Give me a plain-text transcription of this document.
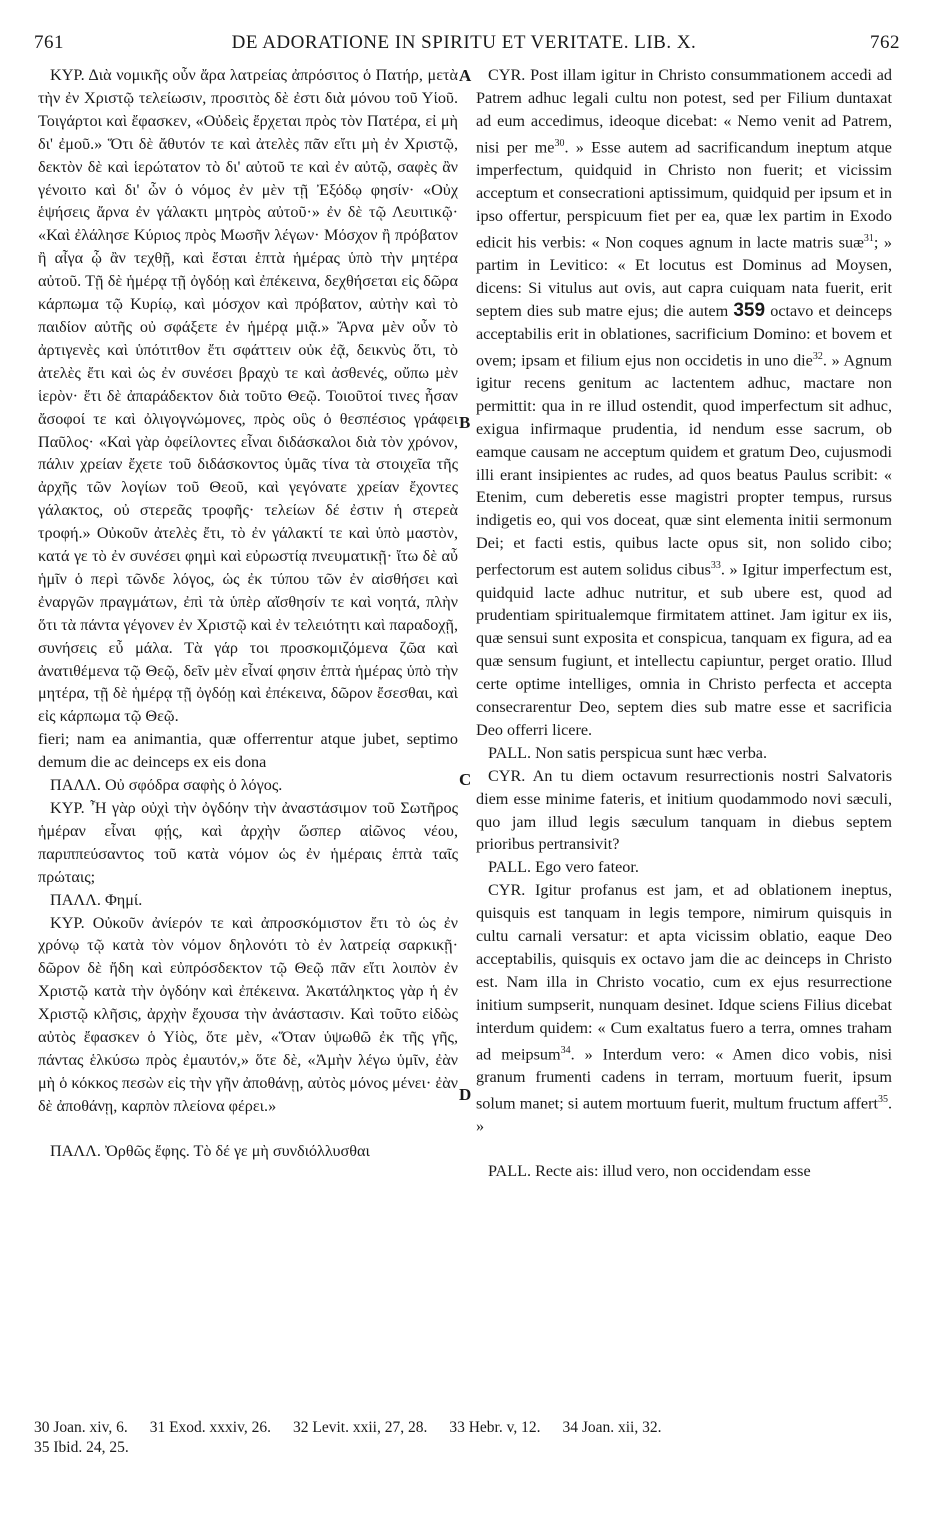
761	DE ADORATIONE IN SPIRITU ET VERITATE. LIB. X.	762
A
B
C
D

ΚΥΡ. Διὰ νομικῆς οὖν ἄρα λατρείας ἀπρόσιτος ὁ Πατήρ, μετὰ τὴν ἐν Χριστῷ τελείωσιν, προσιτὸς δὲ ἐστι διὰ μόνου τοῦ Υἱοῦ. Τοιγάρτοι καὶ ἔφασκεν, «Οὐδεὶς ἔρχεται πρὸς τὸν Πατέρα, εἰ μὴ δι' ἐμοῦ.» Ὅτι δὲ ἄθυτόν τε καὶ ἀτελὲς πᾶν εἴτι μὴ ἐν Χριστῷ, δεκτὸν δὲ καὶ ἱερώτατον τὸ δι' αὐτοῦ τε καὶ ἐν αὐτῷ, σαφὲς ἂν γένοιτο καὶ δι' ὧν ὁ νόμος ἐν μὲν τῇ Ἐξόδῳ φησίν· «Οὐχ ἑψήσεις ἄρνα ἐν γάλακτι μητρὸς αὐτοῦ·» ἐν δὲ τῷ Λευιτικῷ· «Καὶ ἐλάλησε Κύριος πρὸς Μωσῆν λέγων· Μόσχον ἢ πρόβατον ἢ αἶγα ᾧ ἂν τεχθῇ, καὶ ἔσται ἑπτὰ ἡμέρας ὑπὸ τὴν μητέρα αὐτοῦ. Τῇ δὲ ἡμέρᾳ τῇ ὀγδόῃ καὶ ἐπέκεινα, δεχθήσεται εἰς δῶρα κάρπωμα τῷ Κυρίῳ, καὶ μόσχον καὶ πρόβατον, αὐτὴν καὶ τὸ παιδίον αὐτῆς οὐ σφάξετε ἐν ἡμέρᾳ μιᾷ.» Ἄρνα μὲν οὖν τὸ ἀρτιγενὲς καὶ ὑπότιτθον ἔτι σφάττειν οὐκ ἐᾷ, δεικνὺς ὅτι, τὸ ἀτελὲς ἔτι καὶ ὡς ἐν συνέσει βραχὺ τε καὶ ἀσθενές, οὔπω μὲν ἱερὸν· ἔτι δὲ ἀπαράδεκτον διὰ τοῦτο Θεῷ. Τοιοῦτοί τινες ἦσαν ἄσοφοί τε καὶ ὀλιγογνώμονες, πρὸς οὓς ὁ θεσπέσιος γράφει Παῦλος· «Καὶ γὰρ ὀφείλοντες εἶναι διδάσκαλοι διὰ τὸν χρόνον, πάλιν χρείαν ἔχετε τοῦ διδάσκοντος ὑμᾶς τίνα τὰ στοιχεῖα τῆς ἀρχῆς τῶν λογίων τοῦ Θεοῦ, καὶ γεγόνατε χρείαν ἔχοντες γάλακτος, οὐ στερεᾶς τροφῆς· τελείων δέ ἐστιν ἡ στερεὰ τροφή.» Οὐκοῦν ἀτελὲς ἔτι, τὸ ἐν γάλακτί τε καὶ ὑπὸ μαστὸν, κατά γε τὸ ἐν συνέσει φημὶ καὶ εὐρωστίᾳ πνευματικῇ· ἴτω δὲ αὖ ἡμῖν ὁ περὶ τῶνδε λόγος, ὡς ἐκ τύπου τῶν ἐν αἰσθήσει καὶ ἐναργῶν πραγμάτων, ἐπὶ τὰ ὑπὲρ αἴσθησίν τε καὶ νοητά, πλὴν ὅτι τὰ πάντα γέγονεν ἐν Χριστῷ καὶ ἐν τελειότητι καὶ παραδοχῇ, συνήσεις εὖ μάλα. Τὰ γάρ τοι προσκομιζόμενα ζῶα καὶ ἀνατιθέμενα τῷ Θεῷ, δεῖν μὲν εἶναί φησιν ἑπτὰ ἡμέρας ὑπὸ τὴν μητέρα, τῇ δὲ ἡμέρᾳ τῇ ὀγδόῃ καὶ ἐπέκεινα, δῶρον ἔσεσθαι, καὶ εἰς κάρπωμα τῷ Θεῷ.

fieri; nam ea animantia, quæ offerrentur atque jubet, septimo demum die ac deinceps ex eis dona

ΠΑΛΛ. Οὐ σφόδρα σαφὴς ὁ λόγος.

ΚΥΡ. Ἦ γὰρ οὐχὶ τὴν ὀγδόην τὴν ἀναστάσιμον τοῦ Σωτῆρος ἡμέραν εἶναι φῄς, καὶ ἀρχὴν ὥσπερ αἰῶνος νέου, παριππεύσαντος τοῦ κατὰ νόμον ὡς ἐν ἡμέραις ἑπτὰ ταῖς πρώταις;

ΠΑΛΛ. Φημί.

ΚΥΡ. Οὐκοῦν ἀνίερόν τε καὶ ἀπροσκόμιστον ἔτι τὸ ὡς ἐν χρόνῳ τῷ κατὰ τὸν νόμον δηλονότι τὸ ἐν λατρείᾳ σαρκικῇ· δῶρον δὲ ἤδη καὶ εὐπρόσδεκτον τῷ Θεῷ πᾶν εἴτι λοιπὸν ἐν Χριστῷ κατὰ τὴν ὀγδόην καὶ ἐπέκεινα. Ἀκατάληκτος γὰρ ἡ ἐν Χριστῷ κλῆσις, ἀρχὴν ἔχουσα τὴν ἀνάστασιν. Καὶ τοῦτο εἰδὼς αὐτὸς ἔφασκεν ὁ Υἱὸς, ὅτε μὲν, «Ὅταν ὑψωθῶ ἐκ τῆς γῆς, πάντας ἑλκύσω πρὸς ἐμαυτόν,» ὅτε δὲ, «Ἀμὴν λέγω ὑμῖν, ἐὰν μὴ ὁ κόκκος πεσὼν εἰς τὴν γῆν ἀποθάνῃ, αὐτὸς μόνος μένει· ἐὰν δὲ ἀποθάνῃ, καρπὸν πλείονα φέρει.»

ΠΑΛΛ. Ὀρθῶς ἔφης. Τὸ δέ γε μὴ συνδιόλλυσθαι

CYR. Post illam igitur in Christo consummationem accedi ad Patrem adhuc legali cultu non potest, sed per Filium duntaxat ad eum accedimus, ideoque dicebat: « Nemo venit ad Patrem, nisi per me$^{30}$. » Esse autem ad sacrificandum ineptum atque imperfectum, quidquid in Christo non fuerit; et vicissim acceptum et consecrationi aptissimum, quidquid per ipsum et in ipso offertur, perspicuum fiet per ea, quæ lex partim in Exodo edicit his verbis: « Non coques agnum in lacte matris suæ$^{31}$; » partim in Levitico: « Et locutus est Dominus ad Moysen, dicens: Si vitulus aut ovis, aut capra cuiquam nata fuerit, erit septem dies sub matre ejus; die autem 359 octavo et deinceps acceptabilis erit in oblationes, sacrificium Domino: et bovem et ovem; ipsam et filium ejus non occidetis in uno die$^{32}$. » Agnum igitur recens genitum ac lactentem adhuc, mactare non permittit: qua in re illud ostendit, quod imperfectum sit adhuc, exigua infirmaque prudentia, id nendum esse sacrum, ob eamque causam ne acceptum quidem et gratum Deo, cujusmodi illi erant insipientes ac rudes, ad quos beatus Paulus scribit: « Etenim, cum deberetis esse magistri propter tempus, rursus indigetis eo, qui vos doceat, quæ sint elementa initii sermonum Dei; et facti estis, quibus lacte opus sit, non solido cibo; perfectorum est autem solidus cibus$^{33}$. » Igitur imperfectum est, quidquid lacte adhuc nutritur, et sub ubere est, quod ad prudentiam spiritualemque firmitatem attinet. Jam igitur ex iis, quæ sensui sunt exposita et conspicua, tanquam ex figura, ad ea quæ sensum fugiunt, et intellectu capiuntur, perget oratio. Illud certe optime intelliges, omnia in Christo perfecta et accepta consecrarentur Deo, septem dies sub matre esse et sacrificia Deo offerri licere.

PALL. Non satis perspicua sunt hæc verba.

CYR. An tu diem octavum resurrectionis nostri Salvatoris diem esse minime fateris, et initium quodammodo novi sæculi, quo jam illud legis sæculum tanquam in diebus septem prioribus pertransivit?

PALL. Ego vero fateor.

CYR. Igitur profanus est jam, et ad oblationem ineptus, quisquis est tanquam in legis tempore, nimirum quisquis in cultu carnali versatur: et apta vicissim oblatio, eaque Deo acceptabilis, quisquis ex octavo jam die ac deinceps in Christo est. Nam illa in Christo vocatio, cum ex ejus resurrectione initium sumpserit, nunquam desinet. Idque sciens Filius dicebat interdum quidem: « Cum exaltatus fuero a terra, omnes traham ad meipsum$^{34}$. » Interdum vero: « Amen dico vobis, nisi granum frumenti cadens in terram, mortuum fuerit, ipsum solum manet; si autem mortuum fuerit, multum fructum affert$^{35}$. »

PALL. Recte ais: illud vero, non occidendam esse

30 Joan. xiv, 6. 31 Exod. xxxiv, 26. 32 Levit. xxii, 27, 28. 33 Hebr. v, 12. 34 Joan. xii, 32.
35 Ibid. 24, 25.
